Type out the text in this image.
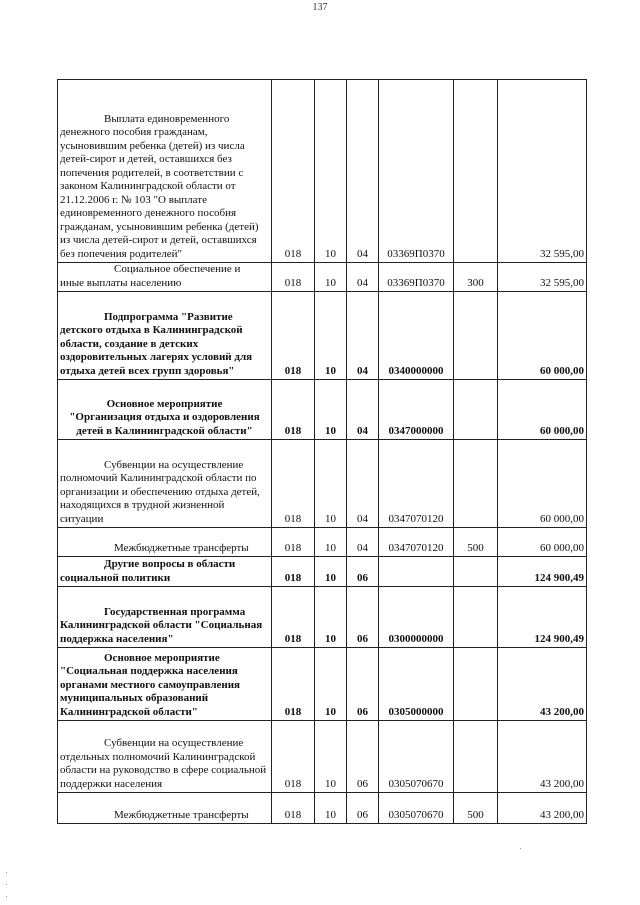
137
Выплата единовременного
денежного пособия гражданам, усыновившим ребенка (детей) из числа детей-сирот и детей, оставшихся без попечения родителей, в соответствии с законом Калининградской области от 21.12.2006 г. № 103 "О выплате единовременного денежного пособия гражданам, усыновившим ребенка (детей) из числа детей-сирот и детей, оставшихся без попечения родителей"	018	10	04	03369П0370		32 595,00

Социальное обеспечение и
иные выплаты населению	018	10	04	03369П0370	300	32 595,00

Подпрограмма "Развитие
детского отдыха в Калининградской области, создание в детских оздоровительных лагерях условий для отдыха детей всех групп здоровья"	018	10	04	0340000000		60 000,00

Основное мероприятие
"Организация отдыха и оздоровления детей в Калининградской области"	018	10	04	0347000000		60 000,00

Субвенции на осуществление
полномочий Калининградской области по организации и обеспечению отдыха детей, находящихся в трудной жизненной ситуации	018	10	04	0347070120		60 000,00

Межбюджетные трансферты	018	10	04	0347070120	500	60 000,00

Другие вопросы в области
социальной политики	018	10	06			124 900,49

Государственная программа
Калининградской области "Социальная поддержка населения"	018	10	06	0300000000		124 900,49

Основное мероприятие
"Социальная поддержка населения органами местного самоуправления муниципальных образований Калининградской области"	018	10	06	0305000000		43 200,00

Субвенции на осуществление
отдельных полномочий Калининградской области на руководство в сфере социальной поддержки населения	018	10	06	0305070670		43 200,00

Межбюджетные трансферты	018	10	06	0305070670	500	43 200,00
